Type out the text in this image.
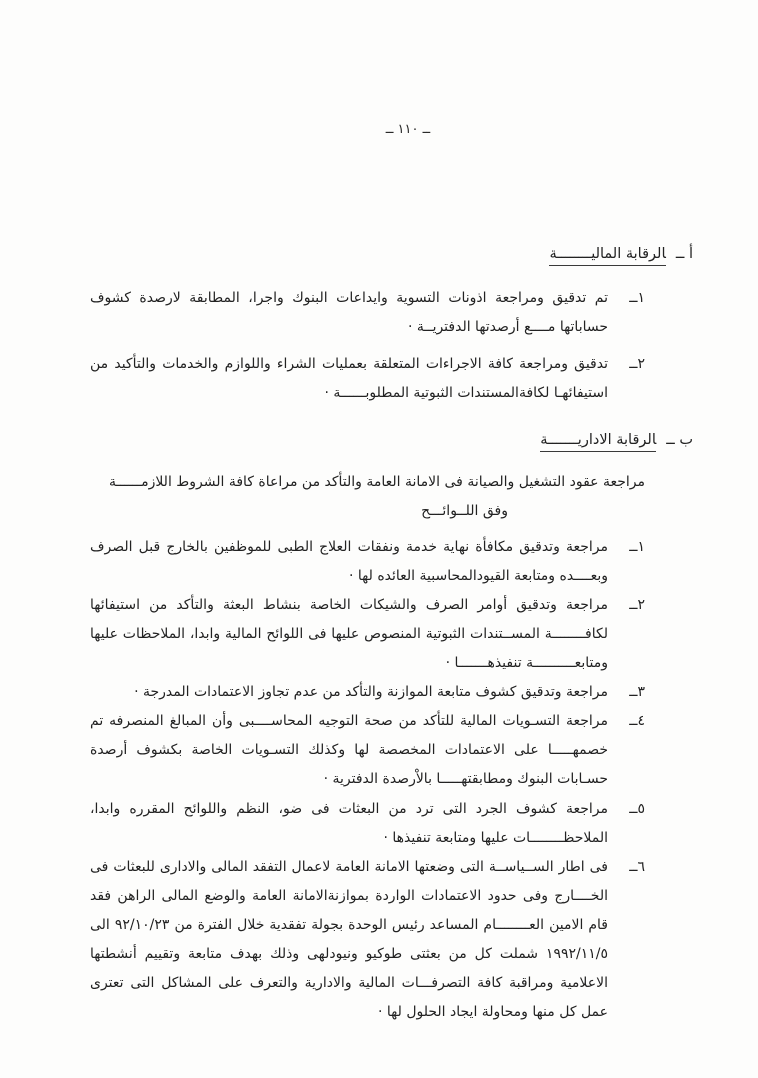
ــ ١١٠ ــ
أ ــالرقابة الماليــــــــة
١ــ
تم تدقيق ومراجعة اذونات التسوية وايداعات البنوك واجرا، المطابقة لارصدة كشوف حساباتها مــــع أرصدتها الدفتريــة ·
٢ــ
تدقيق ومراجعة كافة الاجراءات المتعلقة بعمليات الشراء واللوازم والخدمات والتأكيد من استيفائهـا لكافةالمستندات الثبوتية المطلوبــــــة ·
ب ــالرقابة الاداريـــــــة
مراجعة عقود التشغيل والصيانة فى الامانة العامة والتأكد من مراعاة كافة الشروط اللازمــــــة
وفق اللــوائـــح
١ــ
مراجعة وتدقيق مكافأة نهاية خدمة ونفقات العلاج الطبى للموظفين بالخارج قبل الصرف وبعــــده ومتابعة القيودالمحاسبية العائده لها ·
٢ــ
مراجعة وتدقيق أوامر الصرف والشيكات الخاصة بنشاط البعثة والتأكد من استيفائها لكافــــــــة المســتندات الثبوتية المنصوص عليها فى اللوائح المالية وابدا، الملاحظات عليها ومتابعــــــــــة تنفيذهـــــــا ·
٣ــ
مراجعة وتدقيق كشوف متابعة الموازنة والتأكد من عدم تجاوز الاعتمادات المدرجة ·
٤ــ
مراجعة التسـويات المالية للتأكد من صحة التوجيه المحاســــبى وأن المبالغ المنصرفه تم خصمهـــــا على الاعتمادات المخصصة لها وكذلك التسـويات الخاصة بكشوف أرصدة حسـابات البنوك ومطابقتهـــــا بالاْرصدة الدفترية ·
٥ــ
مراجعة كشوف الجرد التى ترد من البعثات فى ضو، النظم واللوائح المقرره وابدا، الملاحظــــــــات عليها ومتابعة تنفيذها ·
٦ــ
فى اطار الســياســة التى وضعتها الامانة العامة لاعمال التفقد المالى والادارى للبعثات فى الخــــارج وفى حدود الاعتمادات الواردة بموازنةالامانة العامة والوضع المالى الراهن فقد قام الامين العــــــــام المساعد رئيس الوحدة بجولة تفقدية خلال الفترة من ٩٢/١٠/٢٣ الى ١٩٩٢/١١/٥ شملت كل من بعثتى طوكيو ونيودلهى وذلك بهدف متابعة وتقييم أنشطتها الاعلامية ومراقبة كافة التصرفـــات المالية والادارية والتعرف على المشاكل التى تعترى عمل كل منها ومحاولة ايجاد الحلول لها ·
